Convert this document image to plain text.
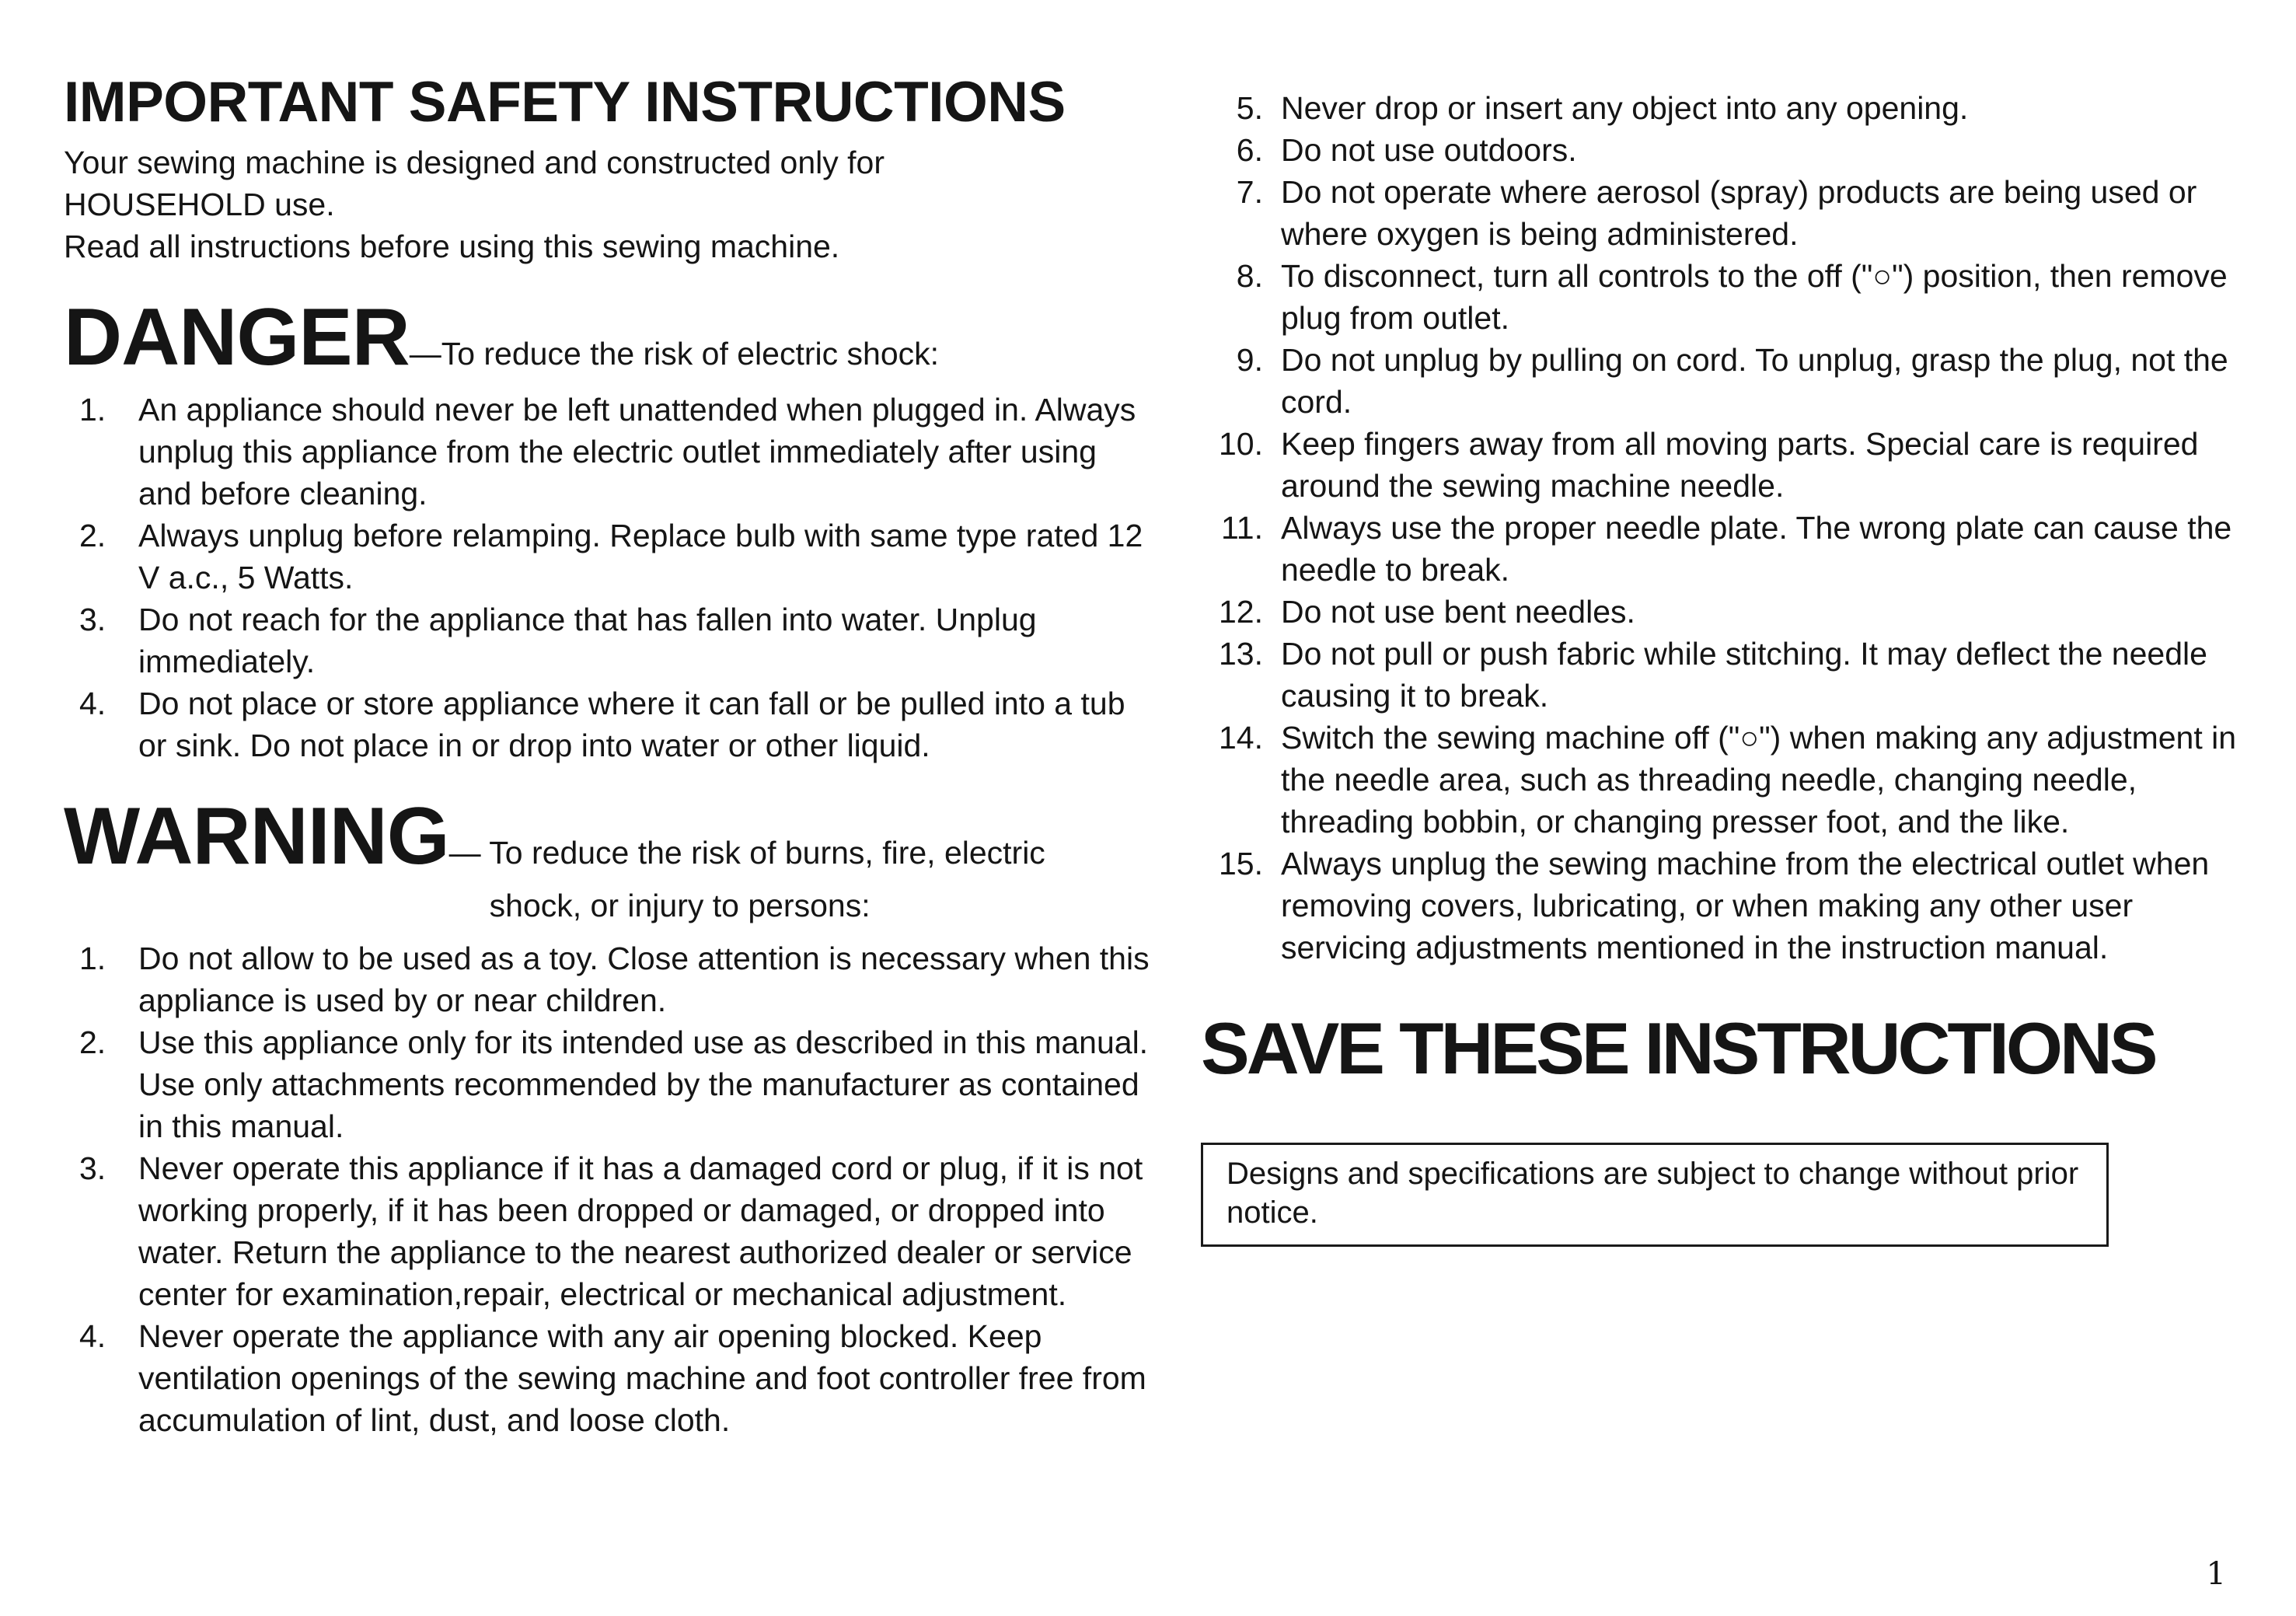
IMPORTANT SAFETY INSTRUCTIONS

Your sewing machine is designed and constructed only for

HOUSEHOLD use.

Read all instructions before using this sewing machine.

DANGER —To reduce the risk of electric shock:
1.	An appliance should never be left unattended when plugged in. Always unplug this appliance from the electric outlet immediately after using and before cleaning.
2.	Always unplug before relamping. Replace bulb with same type rated 12 V a.c., 5 Watts.
3.	Do not reach for the appliance that has fallen into water. Unplug immediately.
4.	Do not place or store appliance where it can fall or be pulled into a tub or sink. Do not place in or drop into water or other liquid.
WARNING — To reduce the risk of burns, fire, electric
shock, or injury to persons:
1.	Do not allow to be used as a toy. Close attention is necessary when this appliance is used by or near children.
2.	Use this appliance only for its intended use as described in this manual. Use only attachments recommended by the manufacturer as contained in this manual.
3.	Never operate this appliance if it has a damaged cord or plug, if it is not working properly, if it has been dropped or damaged, or dropped into water. Return the appliance to the nearest authorized dealer or service center for examination,repair, electrical or mechanical adjustment.
4.	Never operate the appliance with any air opening blocked. Keep ventilation openings of the sewing machine and foot controller free from accumulation of lint, dust, and loose cloth.
5. Never drop or insert any object into any opening.
6. Do not use outdoors.
7. Do not operate where aerosol (spray) products are being used or where oxygen is being administered.
8. To disconnect, turn all controls to the off ("○") position, then remove plug from outlet.
9. Do not unplug by pulling on cord. To unplug, grasp the plug, not the cord.
10. Keep fingers away from all moving parts. Special care is required around the sewing machine needle.
11. Always use the proper needle plate. The wrong plate can cause the needle to break.
12. Do not use bent needles.
13. Do not pull or push fabric while stitching. It may deflect the needle causing it to break.
14. Switch the sewing machine off ("○") when making any adjustment in the needle area, such as threading needle, changing needle, threading bobbin, or changing presser foot, and the like.
15. Always unplug the sewing machine from the electrical outlet when removing covers, lubricating, or when making any other user servicing adjustments mentioned in the instruction manual.
SAVE THESE INSTRUCTIONS
Designs and specifications are subject to change without prior notice.
1
